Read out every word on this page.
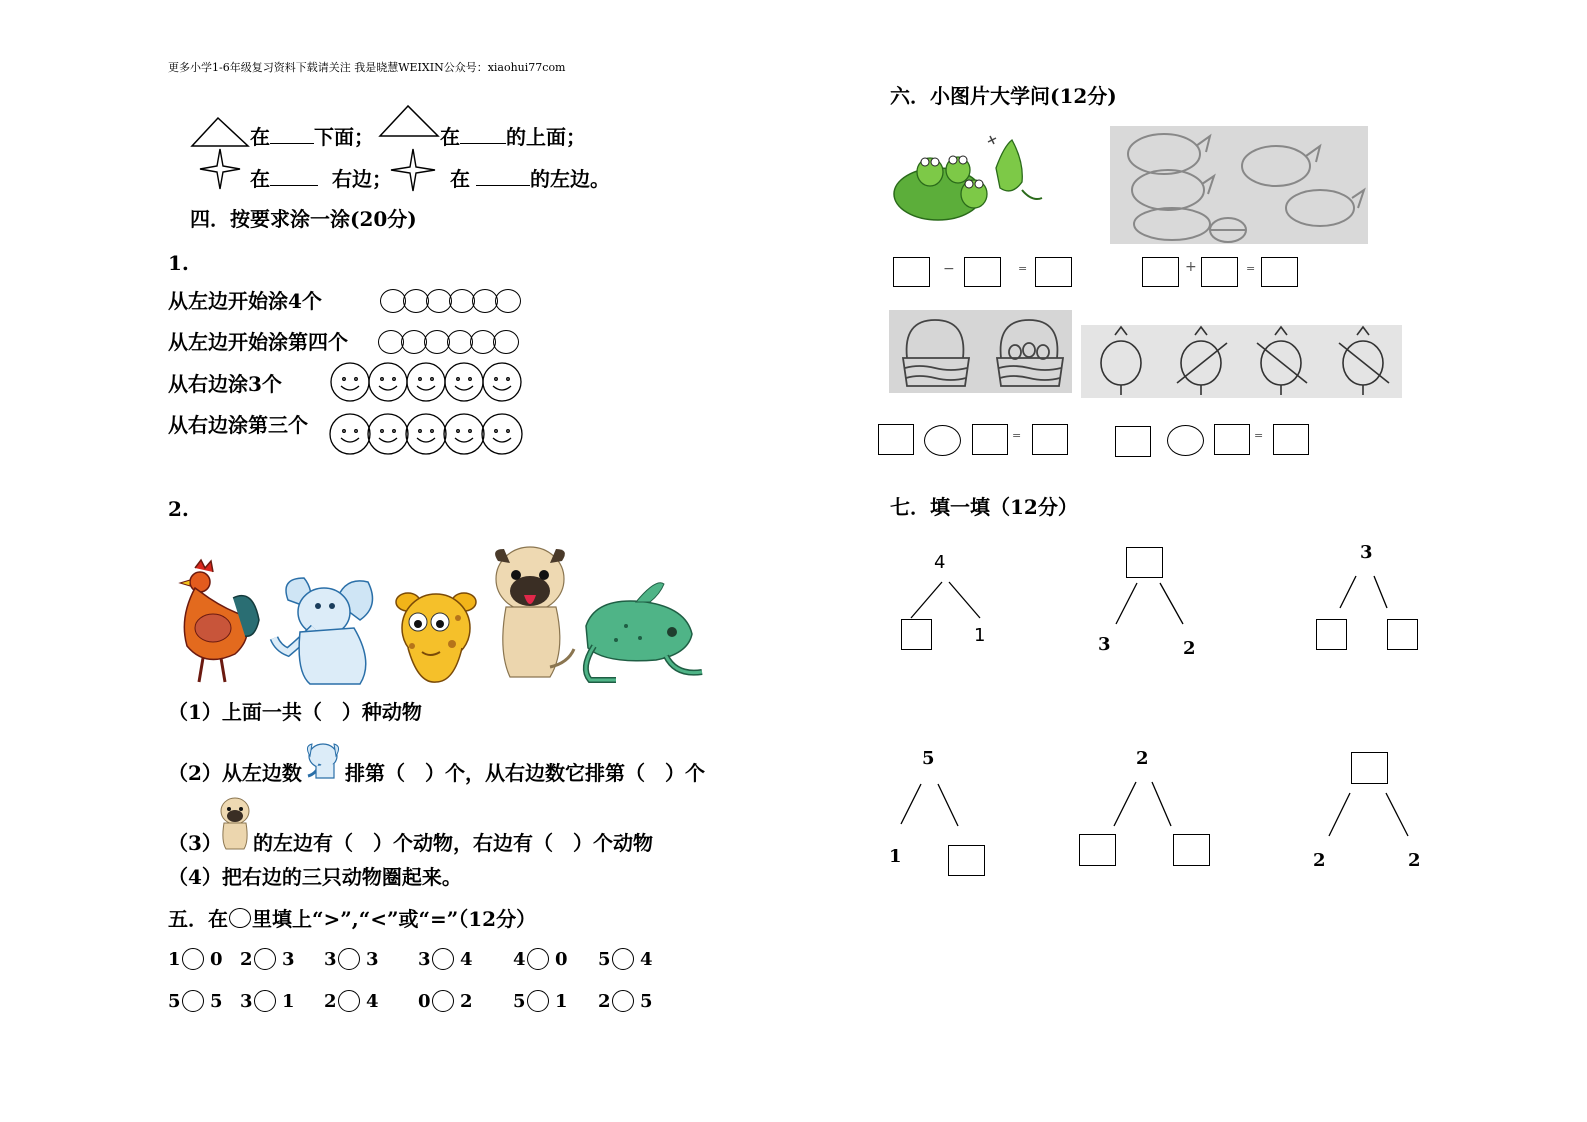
更多小学1-6年级复习资料下载请关注 我是晓慧WEIXIN公众号：xiaohui77com
在 下面；	在 的上面；
在	右边；	在	的左边。
四．按要求涂一涂(20分)
1.
从左边开始涂4个
从左边开始涂第四个
从右边涂3个
从右边涂第三个
2.
（1）上面一共（　）种动物
（2）从左边数 排第（　）个，从右边数它排第（　）个
（3） 的左边有（　）个动物，右边有（　）个动物
（4）把右边的三只动物圈起来。
五．在 里填上“>”,“<”或“=”（12分）
1 0 2 3 3 3 3 4 4 0 5 4
5 5 3 1 2 4 0 2 5 1 2 5
六．小图片大学问(12分)
−	=	+	=
=	=
七．填一填（12分）
4
1	3	2
3
5
1
2
2	2
